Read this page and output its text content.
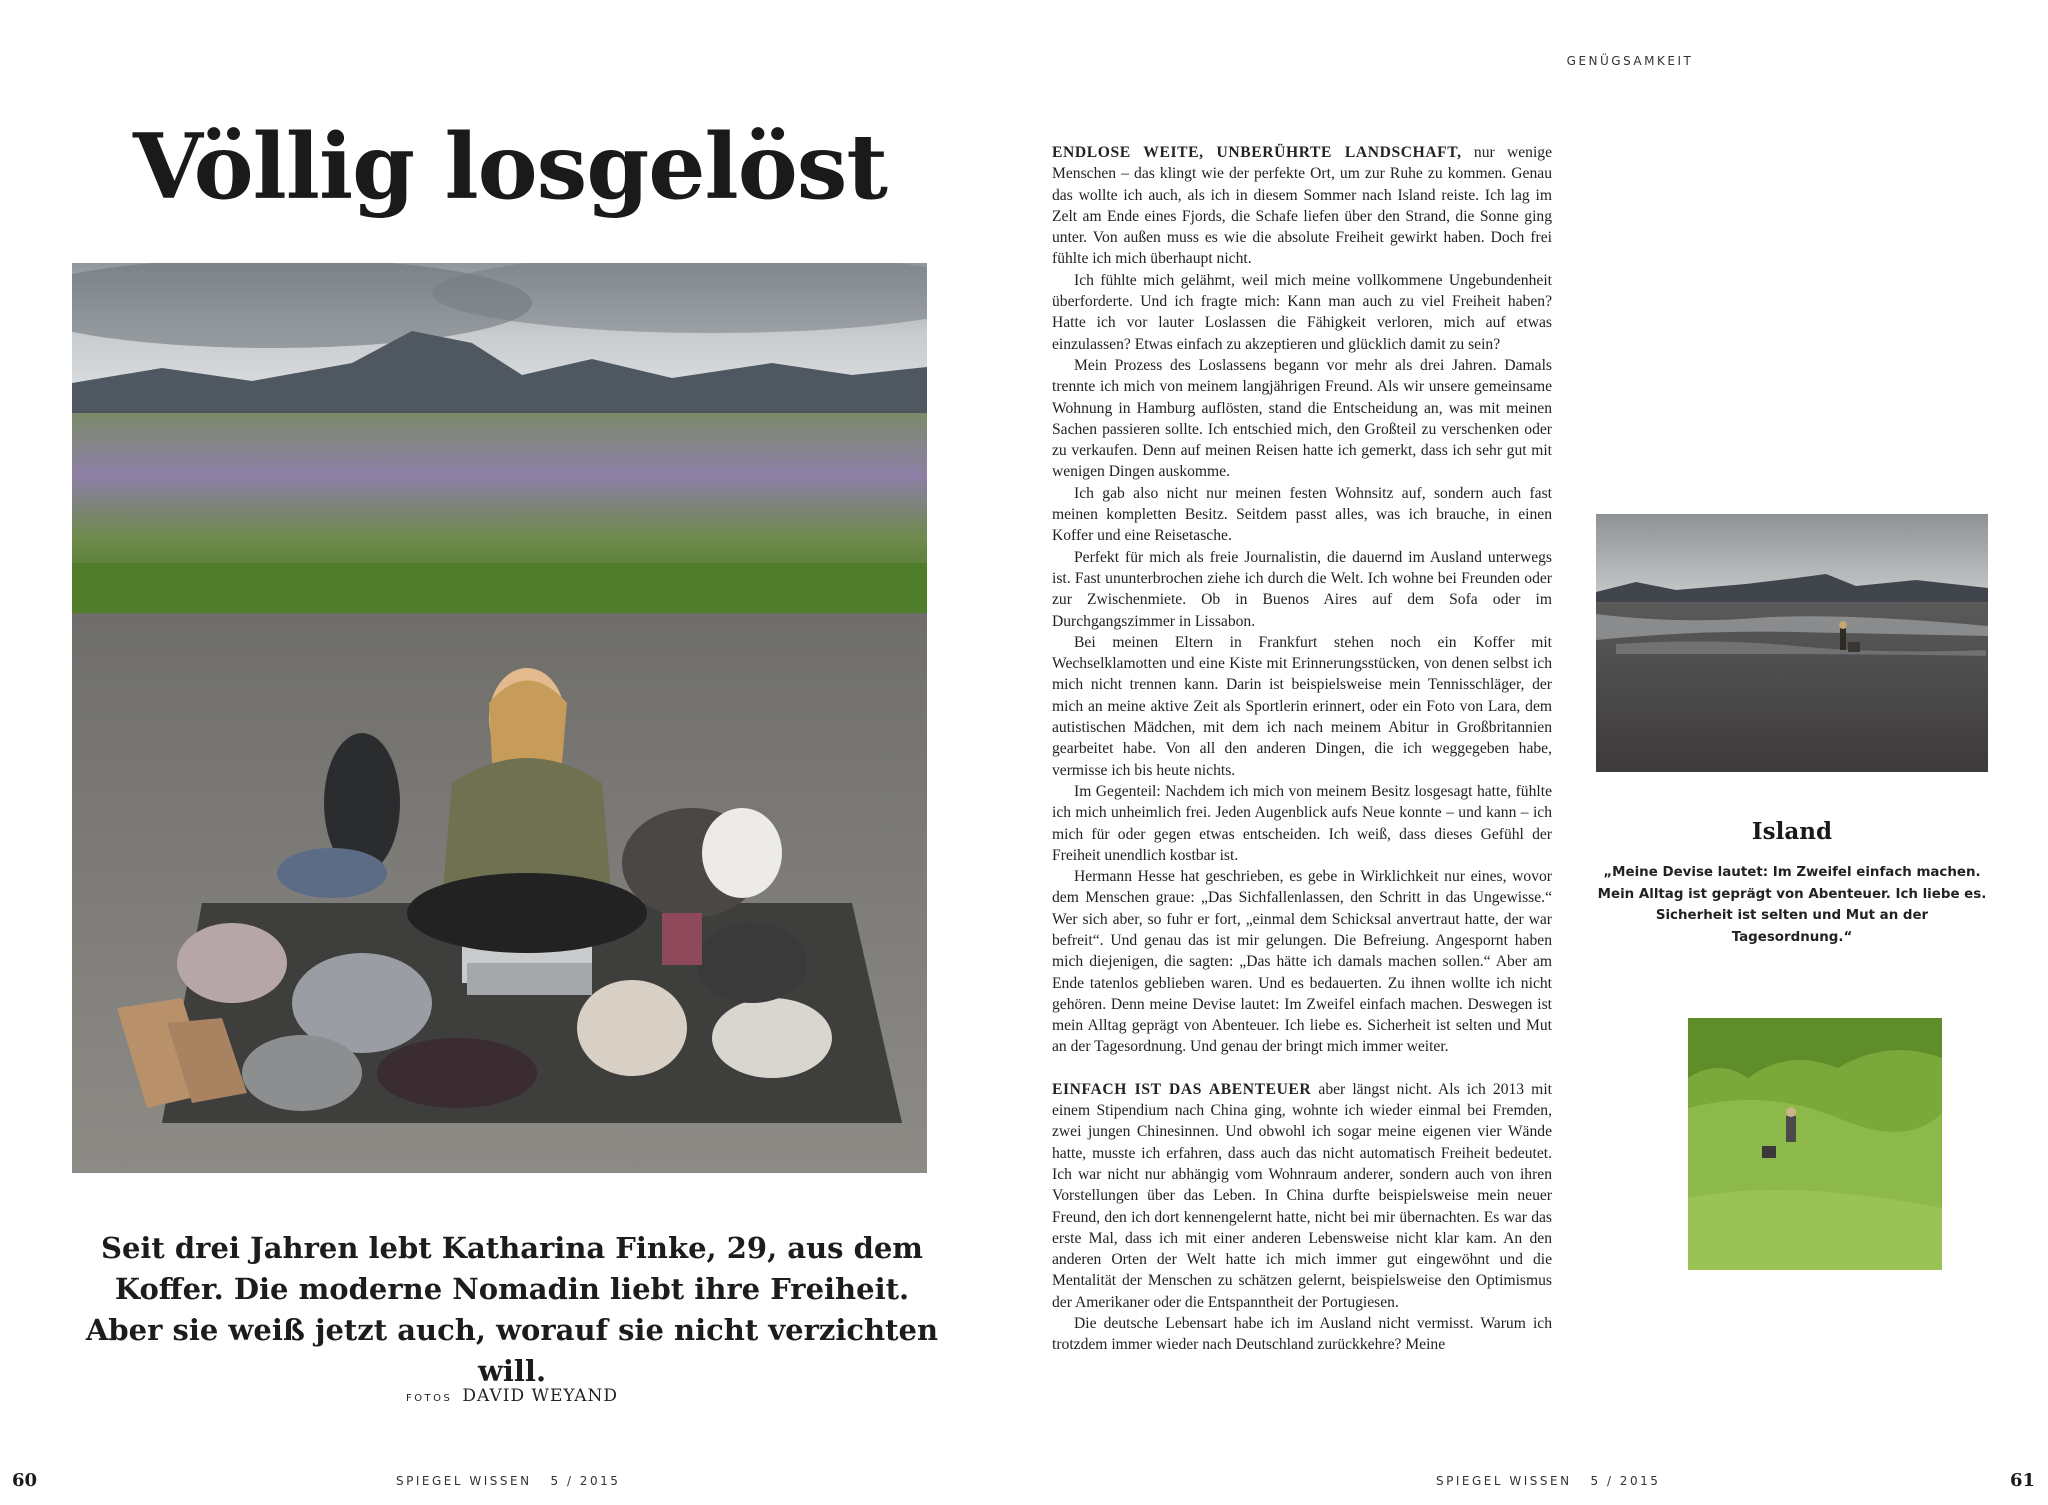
GENÜGSAMKEIT
Völlig losgelöst
Seit drei Jahren lebt Katharina Finke, 29, aus dem Koffer. Die moderne Nomadin liebt ihre Freiheit. Aber sie weiß jetzt auch, worauf sie nicht verzichten will.
FOTOS DAVID WEYAND

ENDLOSE WEITE, UNBERÜHRTE LANDSCHAFT, nur wenige Menschen – das klingt wie der perfekte Ort, um zur Ruhe zu kommen. Genau das wollte ich auch, als ich in diesem Sommer nach Island reiste. Ich lag im Zelt am Ende eines Fjords, die Schafe liefen über den Strand, die Sonne ging unter. Von außen muss es wie die absolute Freiheit gewirkt haben. Doch frei fühlte ich mich überhaupt nicht.

Ich fühlte mich gelähmt, weil mich meine vollkommene Ungebundenheit überforderte. Und ich fragte mich: Kann man auch zu viel Freiheit haben? Hatte ich vor lauter Loslassen die Fähigkeit verloren, mich auf etwas einzulassen? Etwas einfach zu akzeptieren und glücklich damit zu sein?

Mein Prozess des Loslassens begann vor mehr als drei Jahren. Damals trennte ich mich von meinem langjährigen Freund. Als wir unsere gemeinsame Wohnung in Hamburg auflösten, stand die Entscheidung an, was mit meinen Sachen passieren sollte. Ich entschied mich, den Großteil zu verschenken oder zu verkaufen. Denn auf meinen Reisen hatte ich gemerkt, dass ich sehr gut mit wenigen Dingen auskomme.

Ich gab also nicht nur meinen festen Wohnsitz auf, sondern auch fast meinen kompletten Besitz. Seitdem passt alles, was ich brauche, in einen Koffer und eine Reisetasche.

Perfekt für mich als freie Journalistin, die dauernd im Ausland unterwegs ist. Fast ununterbrochen ziehe ich durch die Welt. Ich wohne bei Freunden oder zur Zwischenmiete. Ob in Buenos Aires auf dem Sofa oder im Durchgangszimmer in Lissabon.

Bei meinen Eltern in Frankfurt stehen noch ein Koffer mit Wechselklamotten und eine Kiste mit Erinnerungsstücken, von denen selbst ich mich nicht trennen kann. Darin ist beispielsweise mein Tennisschläger, der mich an meine aktive Zeit als Sportlerin erinnert, oder ein Foto von Lara, dem autistischen Mädchen, mit dem ich nach meinem Abitur in Großbritannien gearbeitet habe. Von all den anderen Dingen, die ich weggegeben habe, vermisse ich bis heute nichts.

Im Gegenteil: Nachdem ich mich von meinem Besitz losgesagt hatte, fühlte ich mich unheimlich frei. Jeden Augenblick aufs Neue konnte – und kann – ich mich für oder gegen etwas entscheiden. Ich weiß, dass dieses Gefühl der Freiheit unendlich kostbar ist.

Hermann Hesse hat geschrieben, es gebe in Wirklichkeit nur eines, wovor dem Menschen graue: „Das Sichfallenlassen, den Schritt in das Ungewisse.“ Wer sich aber, so fuhr er fort, „einmal dem Schicksal anvertraut hatte, der war befreit“. Und genau das ist mir gelungen. Die Befreiung. Angespornt haben mich diejenigen, die sagten: „Das hätte ich damals machen sollen.“ Aber am Ende tatenlos geblieben waren. Und es bedauerten. Zu ihnen wollte ich nicht gehören. Denn meine Devise lautet: Im Zweifel einfach machen. Deswegen ist mein Alltag geprägt von Abenteuer. Ich liebe es. Sicherheit ist selten und Mut an der Tagesordnung. Und genau der bringt mich immer weiter.

EINFACH IST DAS ABENTEUER aber längst nicht. Als ich 2013 mit einem Stipendium nach China ging, wohnte ich wieder einmal bei Fremden, zwei jungen Chinesinnen. Und obwohl ich sogar meine eigenen vier Wände hatte, musste ich erfahren, dass auch das nicht automatisch Freiheit bedeutet. Ich war nicht nur abhängig vom Wohnraum anderer, sondern auch von ihren Vorstellungen über das Leben. In China durfte beispielsweise mein neuer Freund, den ich dort kennengelernt hatte, nicht bei mir übernachten. Es war das erste Mal, dass ich mit einer anderen Lebensweise nicht klar kam. An den anderen Orten der Welt hatte ich mich immer gut eingewöhnt und die Mentalität der Menschen zu schätzen gelernt, beispielsweise den Optimismus der Amerikaner oder die Entspanntheit der Portugiesen.

Die deutsche Lebensart habe ich im Ausland nicht vermisst. Warum ich trotzdem immer wieder nach Deutschland zurückkehre? Meine

Island
„Meine Devise lautet: Im Zweifel einfach machen. Mein Alltag ist geprägt von Abenteuer. Ich liebe es. Sicherheit ist selten und Mut an der Tagesordnung.“
60	SPIEGEL WISSEN   5 / 2015	SPIEGEL WISSEN   5 / 2015	61
